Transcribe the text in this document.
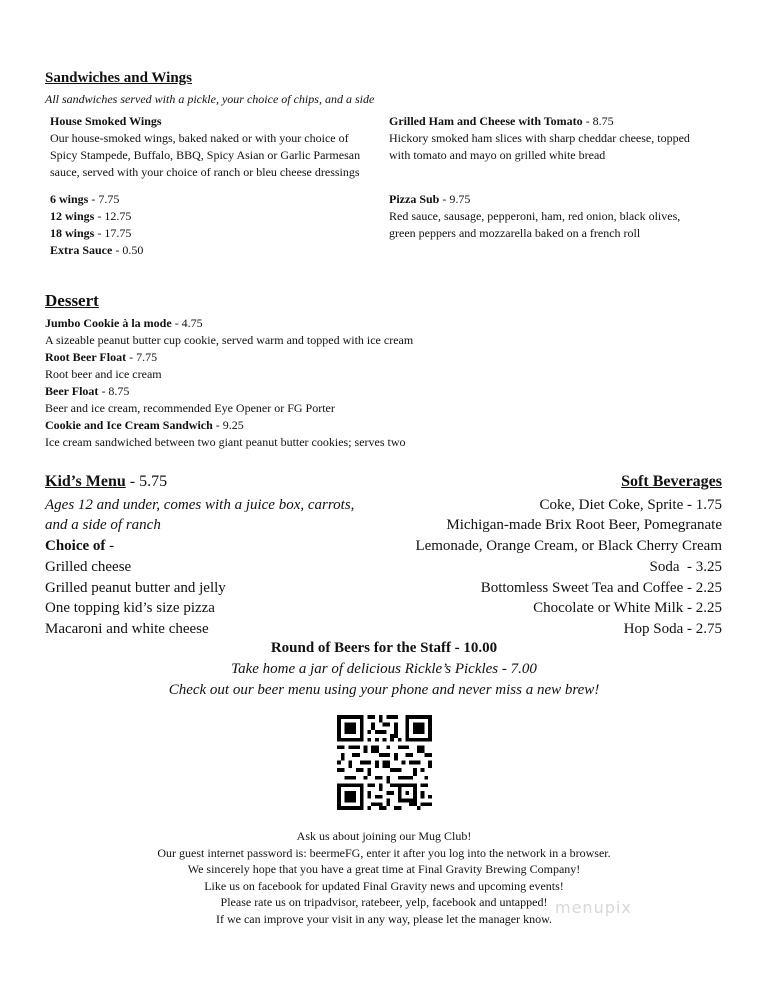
Sandwiches and Wings
All sandwiches served with a pickle, your choice of chips, and a side
House Smoked Wings
Our house-smoked wings, baked naked or with your choice of
Spicy Stampede, Buffalo, BBQ, Spicy Asian or Garlic Parmesan
sauce, served with your choice of ranch or bleu cheese dressings
6 wings - 7.75
12 wings - 12.75
18 wings - 17.75
Extra Sauce - 0.50
Grilled Ham and Cheese with Tomato - 8.75
Hickory smoked ham slices with sharp cheddar cheese, topped
with tomato and mayo on grilled white bread
Pizza Sub - 9.75
Red sauce, sausage, pepperoni, ham, red onion, black olives,
green peppers and mozzarella baked on a french roll
Dessert
Jumbo Cookie à la mode - 4.75
A sizeable peanut butter cup cookie, served warm and topped with ice cream
Root Beer Float - 7.75
Root beer and ice cream
Beer Float - 8.75
Beer and ice cream, recommended Eye Opener or FG Porter
Cookie and Ice Cream Sandwich - 9.25
Ice cream sandwiched between two giant peanut butter cookies; serves two
Kid’s Menu - 5.75
Ages 12 and under, comes with a juice box, carrots,
and a side of ranch
Choice of -
Grilled cheese
Grilled peanut butter and jelly
One topping kid’s size pizza
Macaroni and white cheese
Soft Beverages
Coke, Diet Coke, Sprite - 1.75
Michigan-made Brix Root Beer, Pomegranate
Lemonade, Orange Cream, or Black Cherry Cream
Soda  - 3.25
Bottomless Sweet Tea and Coffee - 2.25
Chocolate or White Milk - 2.25
Hop Soda - 2.75
Round of Beers for the Staff - 10.00
Take home a jar of delicious Rickle’s Pickles - 7.00
Check out our beer menu using your phone and never miss a new brew!
Ask us about joining our Mug Club!
Our guest internet password is: beermeFG, enter it after you log into the network in a browser.
We sincerely hope that you have a great time at Final Gravity Brewing Company!
Like us on facebook for updated Final Gravity news and upcoming events!
Please rate us on tripadvisor, ratebeer, yelp, facebook and untapped!
If we can improve your visit in any way, please let the manager know.
menupix
